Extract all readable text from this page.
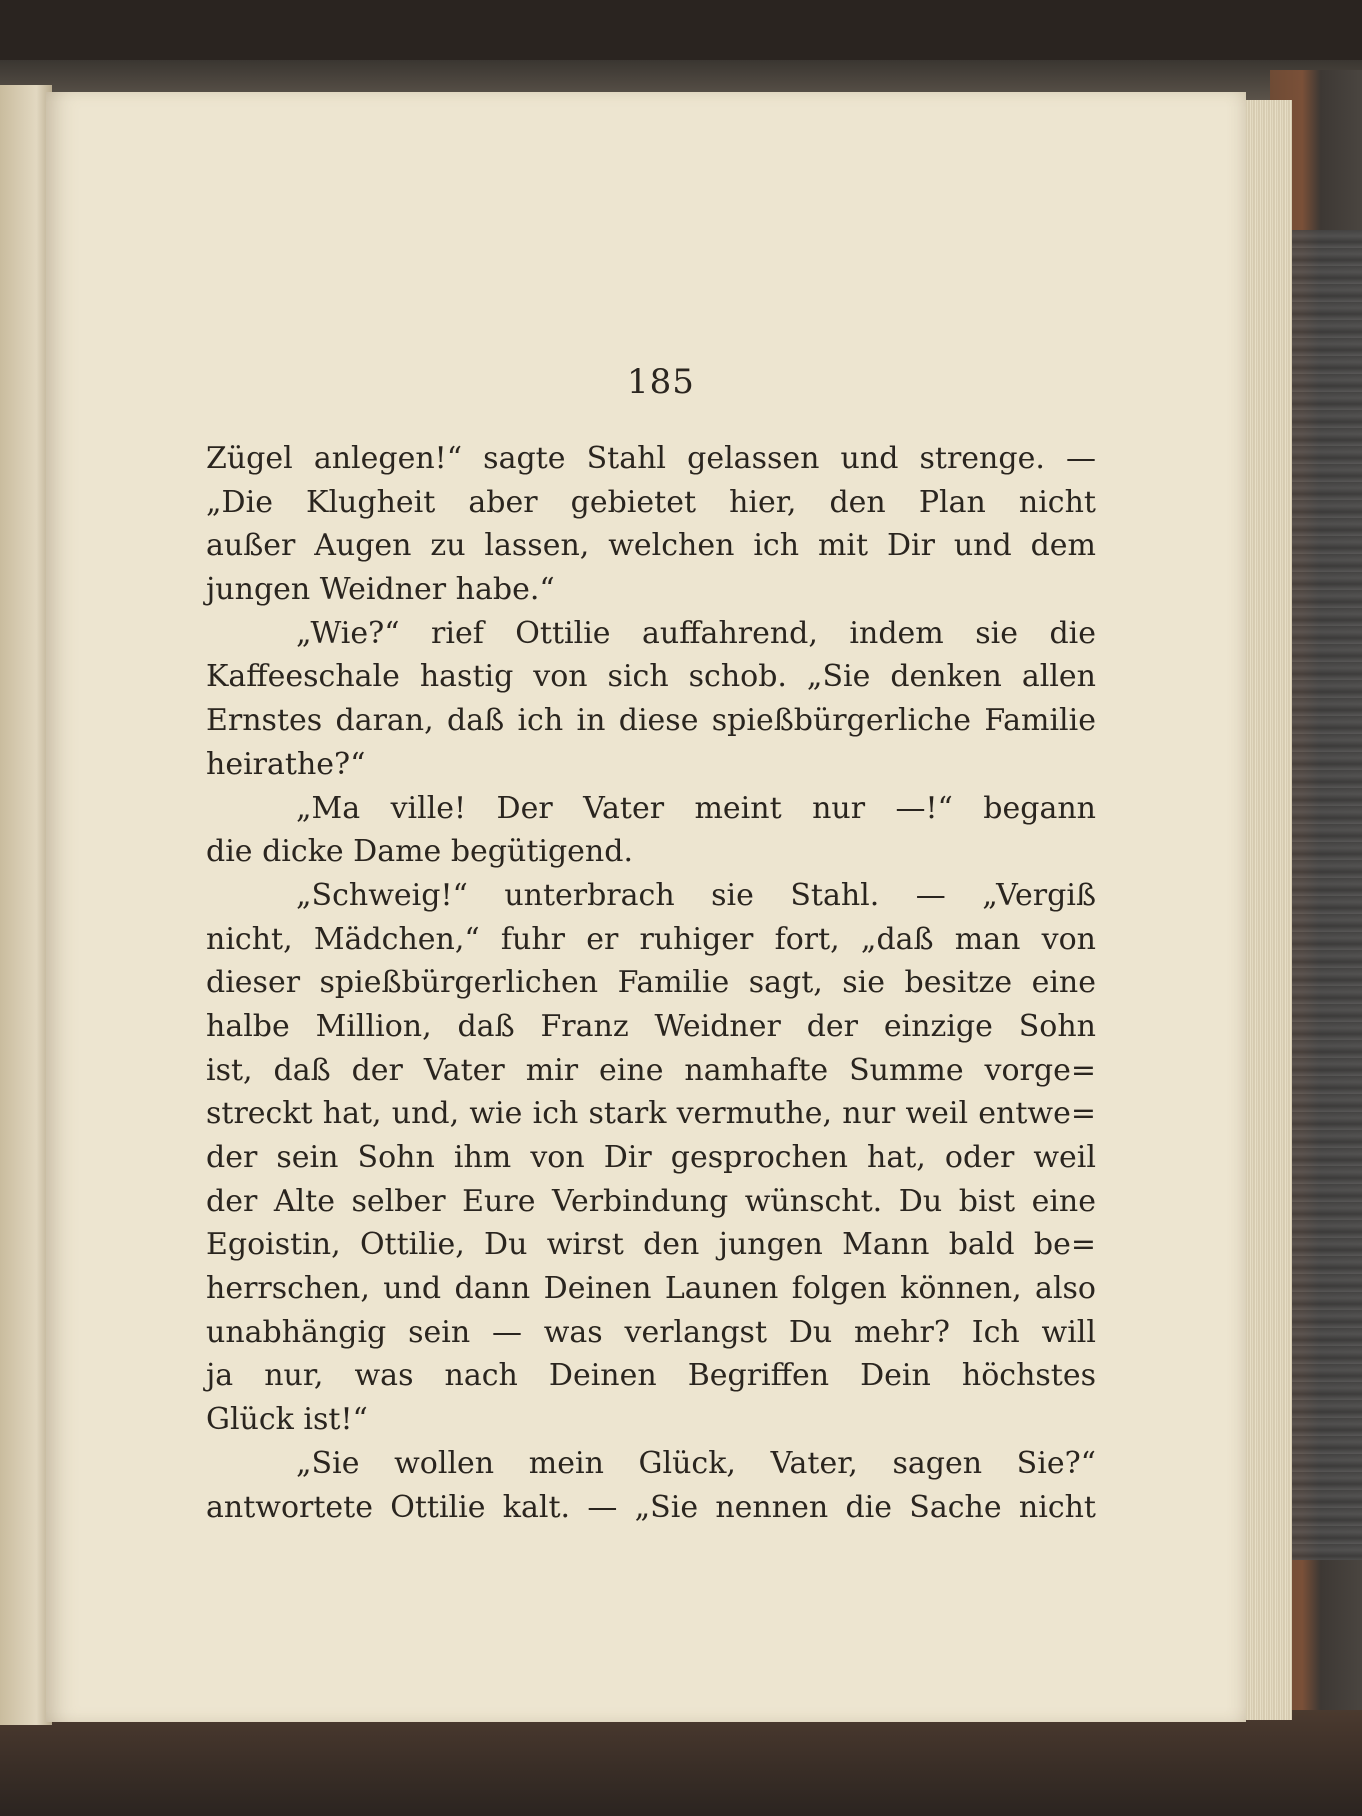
185
Zügel anlegen!“ sagte Stahl gelassen und strenge. —
„Die Klugheit aber gebietet hier, den Plan nicht
außer Augen zu lassen, welchen ich mit Dir und dem
jungen Weidner habe.“
„Wie?“ rief Ottilie auffahrend, indem sie die
Kaffeeschale hastig von sich schob. „Sie denken allen
Ernstes daran, daß ich in diese spießbürgerliche Familie
heirathe?“
„Ma ville! Der Vater meint nur —!“ begann
die dicke Dame begütigend.
„Schweig!“ unterbrach sie Stahl. — „Vergiß
nicht, Mädchen,“ fuhr er ruhiger fort, „daß man von
dieser spießbürgerlichen Familie sagt, sie besitze eine
halbe Million, daß Franz Weidner der einzige Sohn
ist, daß der Vater mir eine namhafte Summe vorge=
streckt hat, und, wie ich stark vermuthe, nur weil entwe=
der sein Sohn ihm von Dir gesprochen hat, oder weil
der Alte selber Eure Verbindung wünscht. Du bist eine
Egoistin, Ottilie, Du wirst den jungen Mann bald be=
herrschen, und dann Deinen Launen folgen können, also
unabhängig sein — was verlangst Du mehr? Ich will
ja nur, was nach Deinen Begriffen Dein höchstes
Glück ist!“
„Sie wollen mein Glück, Vater, sagen Sie?“
antwortete Ottilie kalt. — „Sie nennen die Sache nicht
